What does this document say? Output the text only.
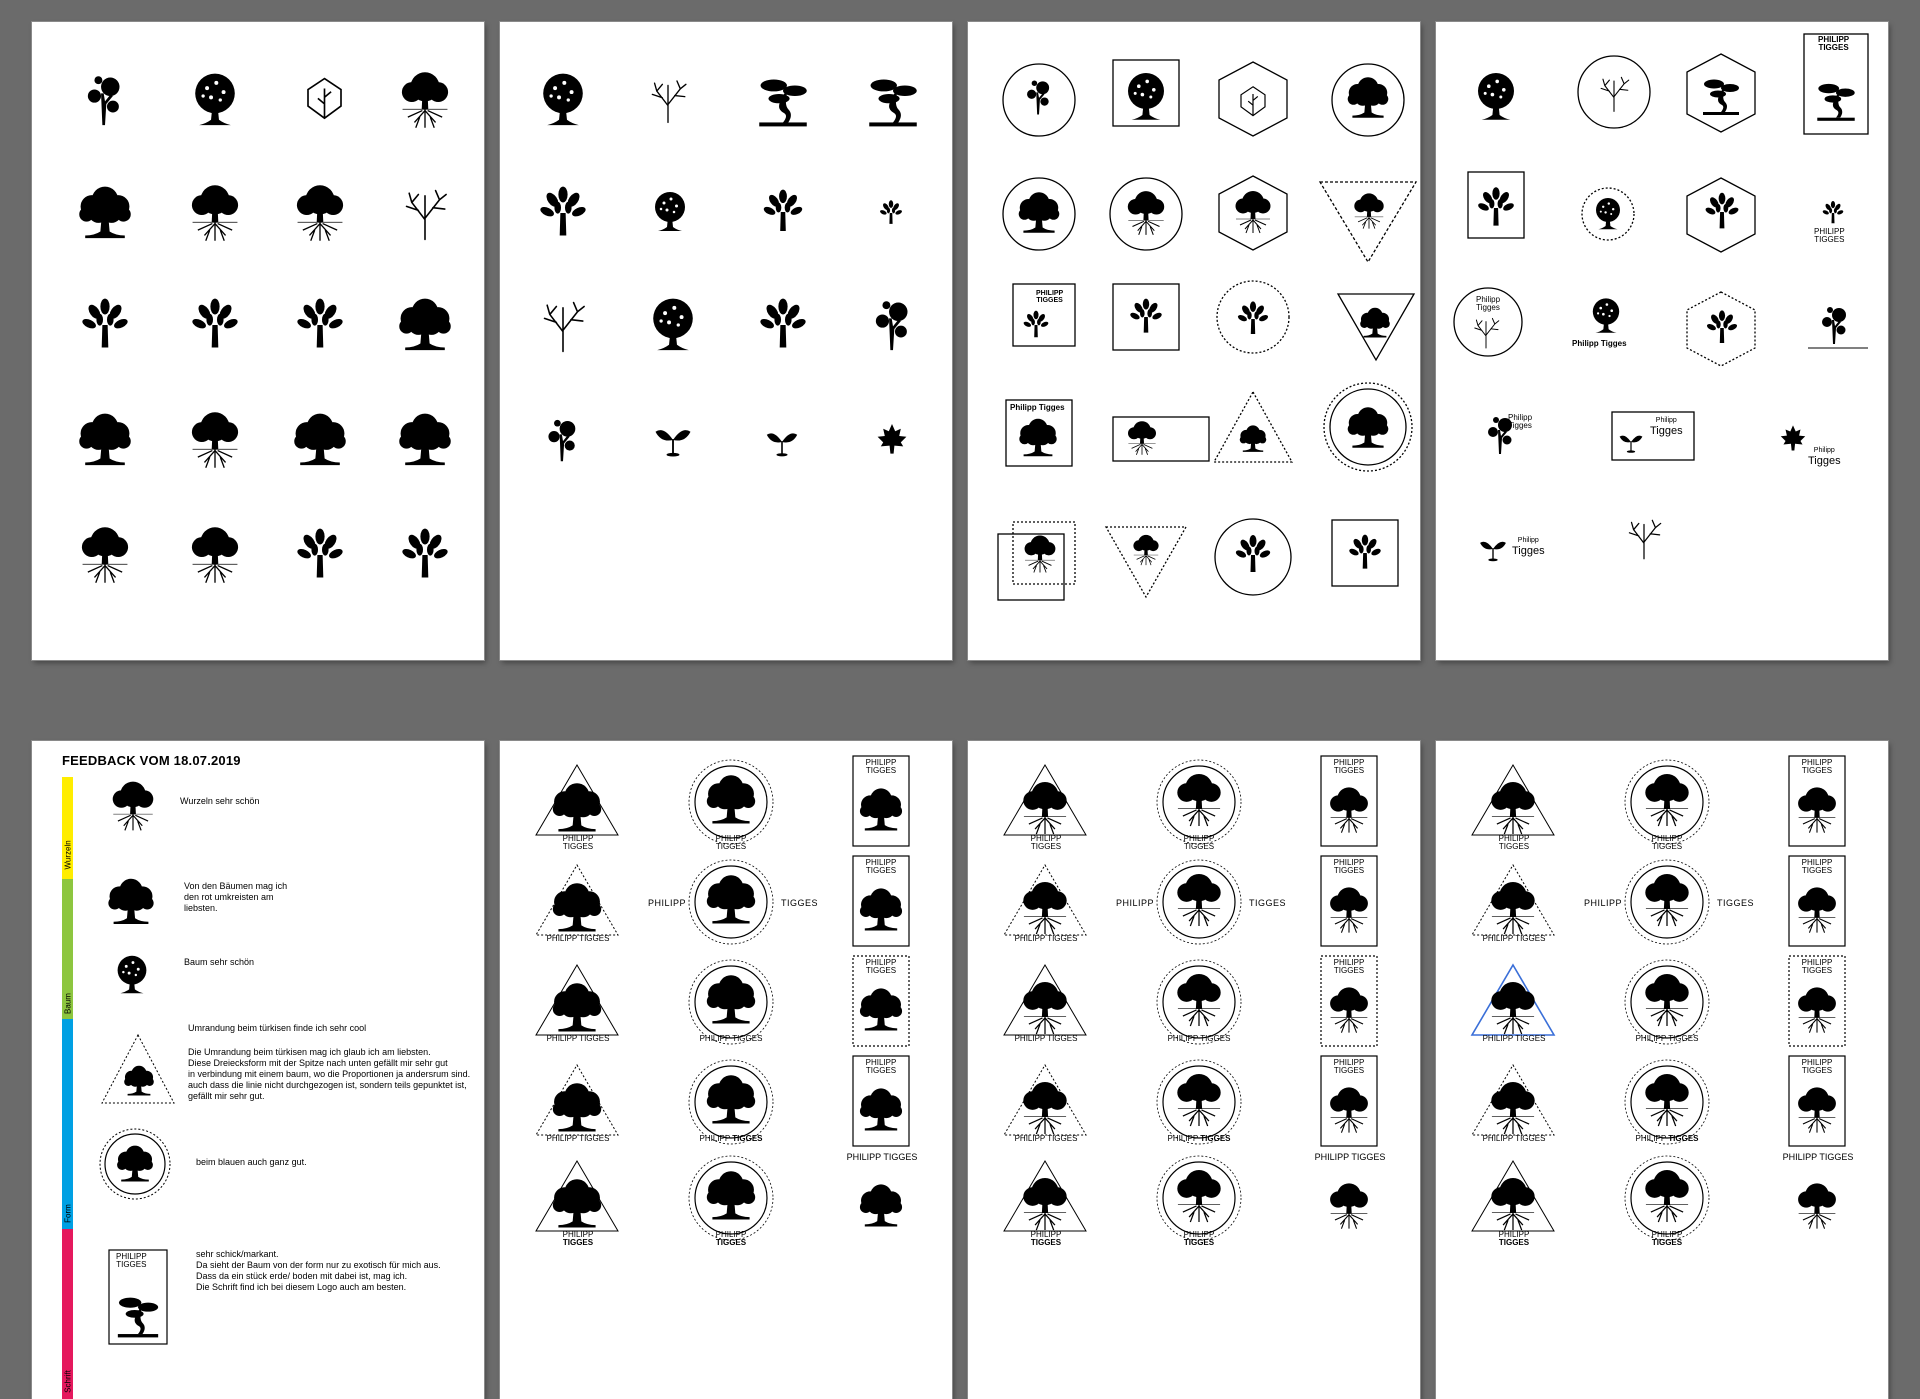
PHILIPP
TIGGES
Philipp Tigges
PHILIPP
TIGGES
PHILIPP
TIGGES
Philipp
Tigges
Philipp Tigges
Philipp
Tigges
Philipp
Tigges
Philipp
Tigges
Philipp
Tigges
FEEDBACK VOM 18.07.2019
Wurzeln
Baum
Form
Schrift
Wurzeln sehr schön
Von den Bäumen mag ich
den rot umkreisten am
liebsten.
Baum sehr schön
Umrandung beim türkisen finde ich sehr cool
Die Umrandung beim türkisen mag ich glaub ich am liebsten.
Diese Dreiecksform mit der Spitze nach unten gefällt mir sehr gut
in verbindung mit einem baum, wo die Proportionen ja andersrum sind.
auch dass die linie nicht durchgezogen ist, sondern teils gepunktet ist,
gefällt mir sehr gut.
beim blauen auch ganz gut.
PHILIPP
TIGGES
sehr schick/markant.
Da sieht der Baum von der form nur zu exotisch für mich aus.
Dass da ein stück erde/ boden mit dabei ist, mag ich.
Die Schrift find ich bei diesem Logo auch am besten.
PHILIPP
TIGGES
PHILIPP
TIGGES
PHILIPP
TIGGES
PHILIPP TIGGES
PHILIPP	TIGGES
PHILIPP
TIGGES
PHILIPP TIGGES	PHILIPP TIGGES
PHILIPP
TIGGES
PHILIPP TIGGES	PHILIPP TIGGES
PHILIPP
TIGGES
PHILIPP
TIGGES
PHILIPP
TIGGES
PHILIPP TIGGES
PHILIPP
TIGGES
PHILIPP
TIGGES
PHILIPP
TIGGES
PHILIPP TIGGES
PHILIPP	TIGGES
PHILIPP
TIGGES
PHILIPP TIGGES	PHILIPP TIGGES
PHILIPP
TIGGES
PHILIPP TIGGES	PHILIPP TIGGES
PHILIPP
TIGGES
PHILIPP
TIGGES
PHILIPP
TIGGES
PHILIPP TIGGES
PHILIPP
TIGGES
PHILIPP
TIGGES
PHILIPP
TIGGES
PHILIPP TIGGES
PHILIPP	TIGGES
PHILIPP
TIGGES
PHILIPP TIGGES	PHILIPP TIGGES
PHILIPP
TIGGES
PHILIPP TIGGES	PHILIPP TIGGES
PHILIPP
TIGGES
PHILIPP
TIGGES
PHILIPP
TIGGES
PHILIPP TIGGES
